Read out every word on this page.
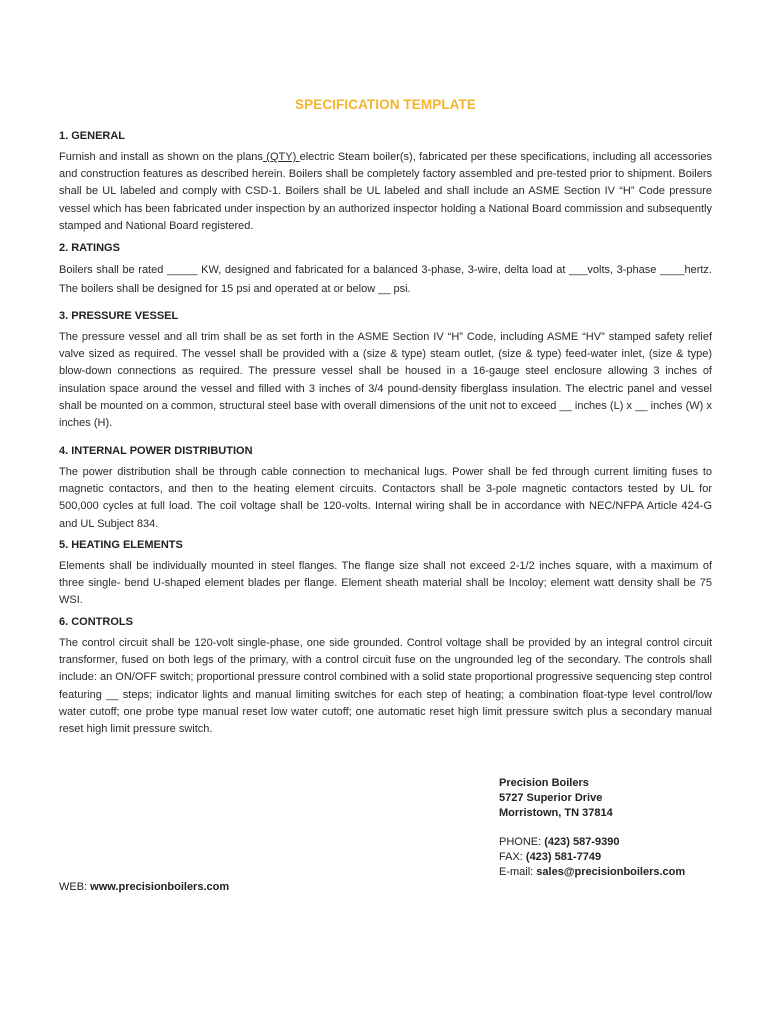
SPECIFICATION TEMPLATE
1. GENERAL

Furnish and install as shown on the plans (QTY) electric Steam boiler(s), fabricated per these specifications, including all accessories and construction features as described herein. Boilers shall be completely factory assembled and pre-tested prior to shipment. Boilers shall be UL labeled and comply with CSD-1. Boilers shall be UL labeled and shall include an ASME Section IV “H” Code pressure vessel which has been fabricated under inspection by an authorized inspector holding a National Board commission and subsequently stamped and National Board registered.

2. RATINGS

Boilers shall be rated _____ KW, designed and fabricated for a balanced 3-phase, 3-wire, delta load at ___volts, 3-phase ____hertz. The boilers shall be designed for 15 psi and operated at or below __ psi.

3. PRESSURE VESSEL

The pressure vessel and all trim shall be as set forth in the ASME Section IV “H” Code, including ASME “HV” stamped safety relief valve sized as required. The vessel shall be provided with a (size & type) steam outlet, (size & type) feed-water inlet, (size & type) blow-down connections as required. The pressure vessel shall be housed in a 16-gauge steel enclosure allowing 3 inches of insulation space around the vessel and filled with 3 inches of 3/4 pound-density fiberglass insulation. The electric panel and vessel shall be mounted on a common, structural steel base with overall dimensions of the unit not to exceed __ inches (L) x __ inches (W) x inches (H).

4. INTERNAL POWER DISTRIBUTION

The power distribution shall be through cable connection to mechanical lugs. Power shall be fed through current limiting fuses to magnetic contactors, and then to the heating element circuits. Contactors shall be 3-pole magnetic contactors tested by UL for 500,000 cycles at full load. The coil voltage shall be 120-volts. Internal wiring shall be in accordance with NEC/NFPA Article 424-G and UL Subject 834.

5. HEATING ELEMENTS

Elements shall be individually mounted in steel flanges. The flange size shall not exceed 2-1/2 inches square, with a maximum of three single- bend U-shaped element blades per flange. Element sheath material shall be Incoloy; element watt density shall be 75 WSI.

6. CONTROLS

The control circuit shall be 120-volt single-phase, one side grounded. Control voltage shall be provided by an integral control circuit transformer, fused on both legs of the primary, with a control circuit fuse on the ungrounded leg of the secondary. The controls shall include: an ON/OFF switch; proportional pressure control combined with a solid state proportional progressive sequencing step control featuring __ steps; indicator lights and manual limiting switches for each step of heating; a combination float-type level control/low water cutoff; one probe type manual reset low water cutoff; one automatic reset high limit pressure switch plus a secondary manual reset high limit pressure switch.

Precision Boilers
5727 Superior Drive
Morristown, TN 37814
PHONE: (423) 587-9390
FAX: (423) 581-7749
E-mail: sales@precisionboilers.com
WEB: www.precisionboilers.com
